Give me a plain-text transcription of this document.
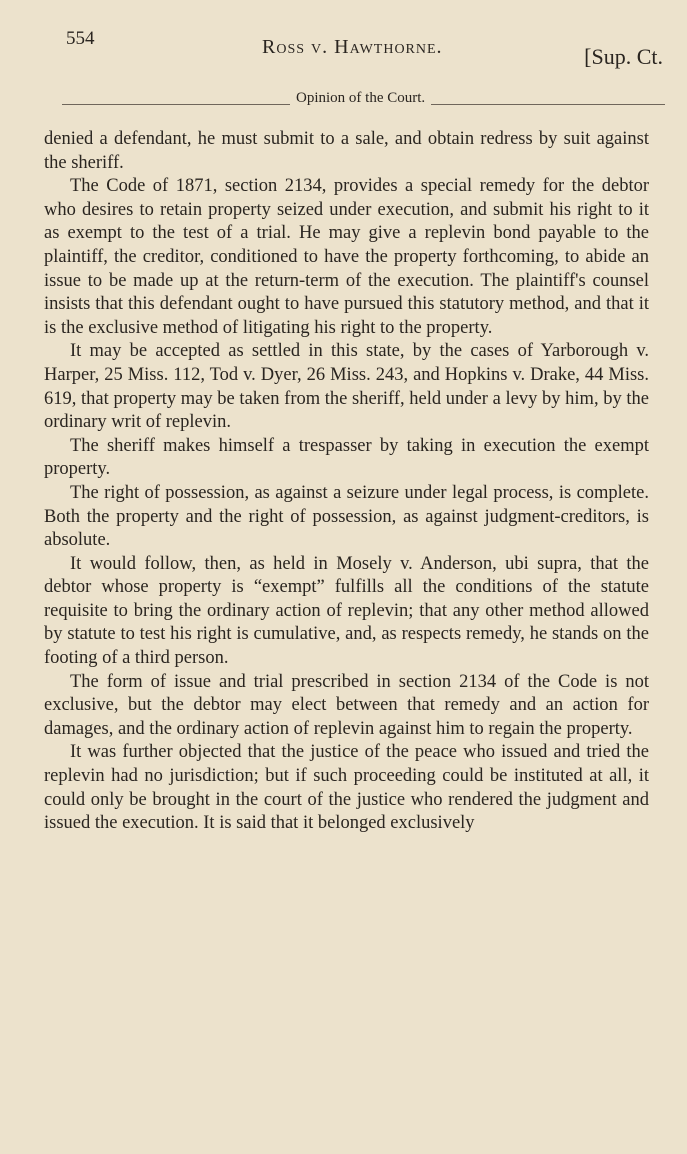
554	Ross v. Hawthorne.	[Sup. Ct.
Opinion of the Court.

denied a defendant, he must submit to a sale, and obtain redress by suit against the sheriff.

The Code of 1871, section 2134, provides a special remedy for the debtor who desires to retain property seized under execution, and submit his right to it as exempt to the test of a trial. He may give a replevin bond payable to the plaintiff, the creditor, conditioned to have the property forthcoming, to abide an issue to be made up at the return-term of the execution. The plaintiff's counsel insists that this defendant ought to have pursued this statutory method, and that it is the exclusive method of litigating his right to the property.

It may be accepted as settled in this state, by the cases of Yarborough v. Harper, 25 Miss. 112, Tod v. Dyer, 26 Miss. 243, and Hopkins v. Drake, 44 Miss. 619, that property may be taken from the sheriff, held under a levy by him, by the ordinary writ of replevin.

The sheriff makes himself a trespasser by taking in execution the exempt property.

The right of possession, as against a seizure under legal process, is complete. Both the property and the right of possession, as against judgment-creditors, is absolute.

It would follow, then, as held in Mosely v. Anderson, ubi supra, that the debtor whose property is “exempt” fulfills all the conditions of the statute requisite to bring the ordinary action of replevin; that any other method allowed by statute to test his right is cumulative, and, as respects remedy, he stands on the footing of a third person.

The form of issue and trial prescribed in section 2134 of the Code is not exclusive, but the debtor may elect between that remedy and an action for damages, and the ordinary action of replevin against him to regain the property.

It was further objected that the justice of the peace who issued and tried the replevin had no jurisdiction; but if such proceeding could be instituted at all, it could only be brought in the court of the justice who rendered the judgment and issued the execution. It is said that it belonged exclusively
